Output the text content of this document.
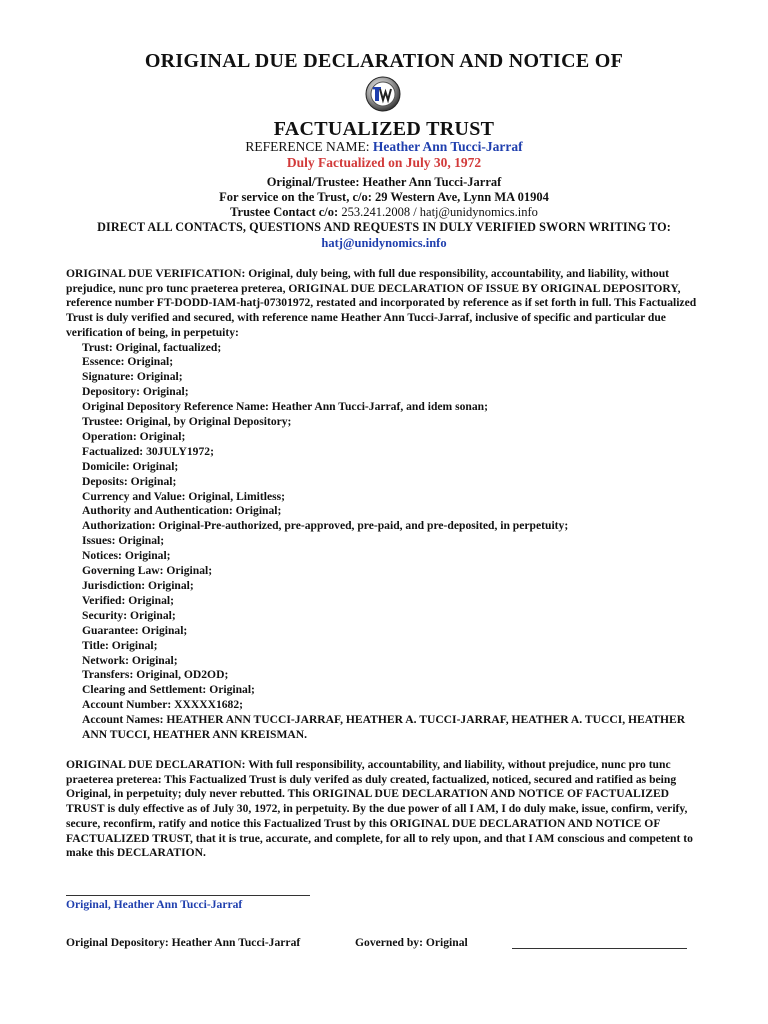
ORIGINAL DUE DECLARATION AND NOTICE OF
FACTUALIZED TRUST
REFERENCE NAME: Heather Ann Tucci-Jarraf
Duly Factualized on July 30, 1972
Original/Trustee: Heather Ann Tucci-Jarraf
For service on the Trust, c/o: 29 Western Ave, Lynn MA 01904
Trustee Contact c/o: 253.241.2008 / hatj@unidynomics.info
DIRECT ALL CONTACTS, QUESTIONS AND REQUESTS IN DULY VERIFIED SWORN WRITING TO:
hatj@unidynomics.info

ORIGINAL DUE VERIFICATION: Original, duly being, with full due responsibility, accountability, and liability, without prejudice, nunc pro tunc praeterea preterea, ORIGINAL DUE DECLARATION OF ISSUE BY ORIGINAL DEPOSITORY, reference number FT-DODD-IAM-hatj-07301972, restated and incorporated by reference as if set forth in full. This Factualized Trust is duly verified and secured, with reference name Heather Ann Tucci-Jarraf, inclusive of specific and particular due verification of being, in perpetuity:

Trust: Original, factualized;
Essence: Original;
Signature: Original;
Depository: Original;
Original Depository Reference Name: Heather Ann Tucci-Jarraf, and idem sonan;
Trustee: Original, by Original Depository;
Operation: Original;
Factualized: 30JULY1972;
Domicile: Original;
Deposits: Original;
Currency and Value: Original, Limitless;
Authority and Authentication: Original;
Authorization: Original-Pre-authorized, pre-approved, pre-paid, and pre-deposited, in perpetuity;
Issues: Original;
Notices: Original;
Governing Law: Original;
Jurisdiction: Original;
Verified: Original;
Security: Original;
Guarantee: Original;
Title: Original;
Network: Original;
Transfers: Original, OD2OD;
Clearing and Settlement: Original;
Account Number: XXXXX1682;

Account Names: HEATHER ANN TUCCI-JARRAF, HEATHER A. TUCCI-JARRAF, HEATHER A. TUCCI, HEATHER ANN TUCCI, HEATHER ANN KREISMAN.

ORIGINAL DUE DECLARATION: With full responsibility, accountability, and liability, without prejudice, nunc pro tunc praeterea preterea: This Factualized Trust is duly verifed as duly created, factualized, noticed, secured and ratified as being Original, in perpetuity; duly never rebutted. This ORIGINAL DUE DECLARATION AND NOTICE OF FACTUALIZED TRUST is duly effective as of July 30, 1972, in perpetuity. By the due power of all I AM, I do duly make, issue, confirm, verify, secure, reconfirm, ratify and notice this Factualized Trust by this ORIGINAL DUE DECLARATION AND NOTICE OF FACTUALIZED TRUST, that it is true, accurate, and complete, for all to rely upon, and that I AM conscious and competent to make this DECLARATION.

Original, Heather Ann Tucci-Jarraf
Original Depository: Heather Ann Tucci-Jarraf	Governed by: Original
